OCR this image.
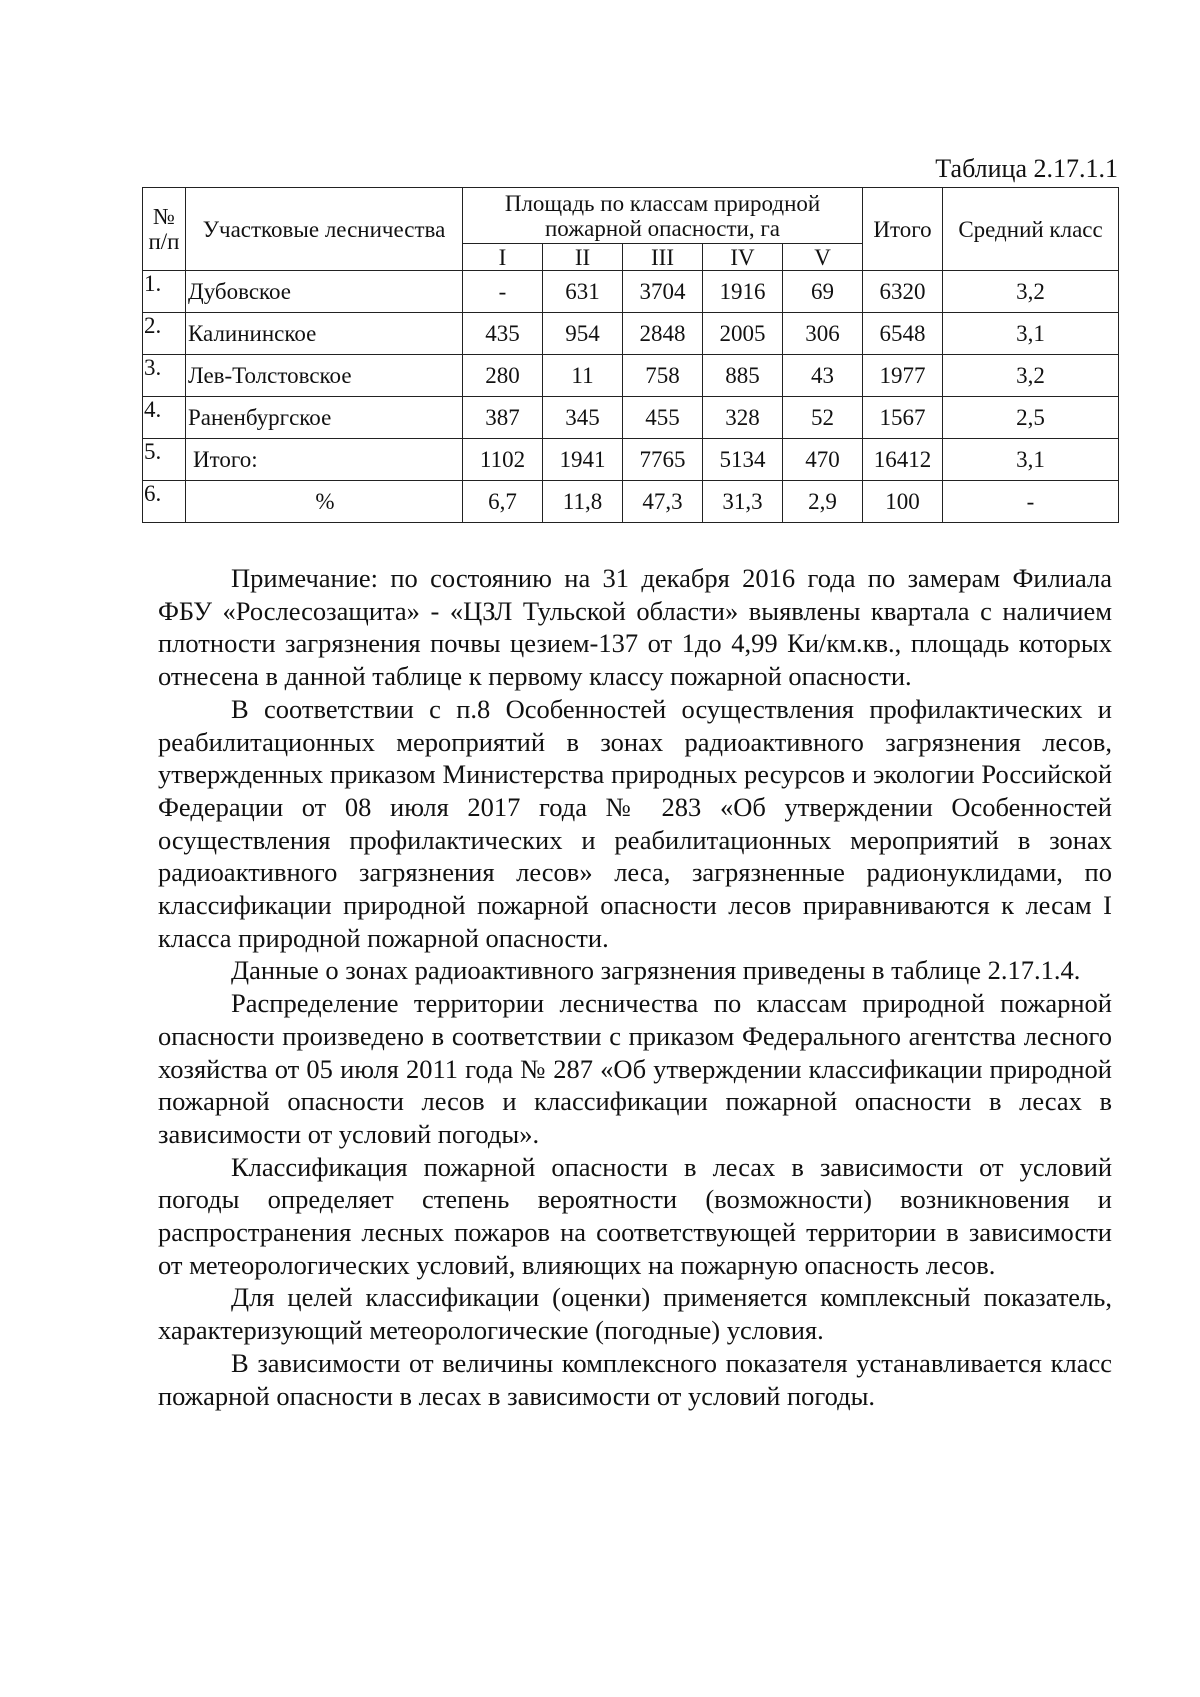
Таблица 2.17.1.1
№ п/п	Участковые лесничества	Площадь по классам природной пожарной опасности, га					Итого	Средний класс
		I	II	III	IV	V		
1.	Дубовское	-	631	3704	1916	69	6320	3,2
2.	Калининское	435	954	2848	2005	306	6548	3,1
3.	Лев-Толстовское	280	11	758	885	43	1977	3,2
4.	Раненбургское	387	345	455	328	52	1567	2,5
5.	Итого:	1102	1941	7765	5134	470	16412	3,1
6.	%	6,7	11,8	47,3	31,3	2,9	100	-

Примечание: по состоянию на 31 декабря 2016 года по замерам Филиала ФБУ «Рослесозащита» - «ЦЗЛ Тульской области» выявлены квартала с наличием плотности загрязнения почвы цезием-137 от 1до 4,99 Ки/км.кв., площадь которых отнесена в данной таблице к первому классу пожарной опасности.

В соответствии с п.8 Особенностей осуществления профилактических и реабилитационных мероприятий в зонах радиоактивного загрязнения лесов, утвержденных приказом Министерства природных ресурсов и экологии Российской Федерации от 08 июля 2017 года № 283 «Об утверждении Особенностей осуществления профилактических и реабилитационных мероприятий в зонах радиоактивного загрязнения лесов» леса, загрязненные радионуклидами, по классификации природной пожарной опасности лесов приравниваются к лесам I класса природной пожарной опасности.

Данные о зонах радиоактивного загрязнения приведены в таблице 2.17.1.4.

Распределение территории лесничества по классам природной пожарной опасности произведено в соответствии с приказом Федерального агентства лесного хозяйства от 05 июля 2011 года № 287 «Об утверждении классификации природной пожарной опасности лесов и классификации пожарной опасности в лесах в зависимости от условий погоды».

Классификация пожарной опасности в лесах в зависимости от условий погоды определяет степень вероятности (возможности) возникновения и распространения лесных пожаров на соответствующей территории в зависимости от метеорологических условий, влияющих на пожарную опасность лесов.

Для целей классификации (оценки) применяется комплексный показатель, характеризующий метеорологические (погодные) условия.

В зависимости от величины комплексного показателя устанавливается класс пожарной опасности в лесах в зависимости от условий погоды.
